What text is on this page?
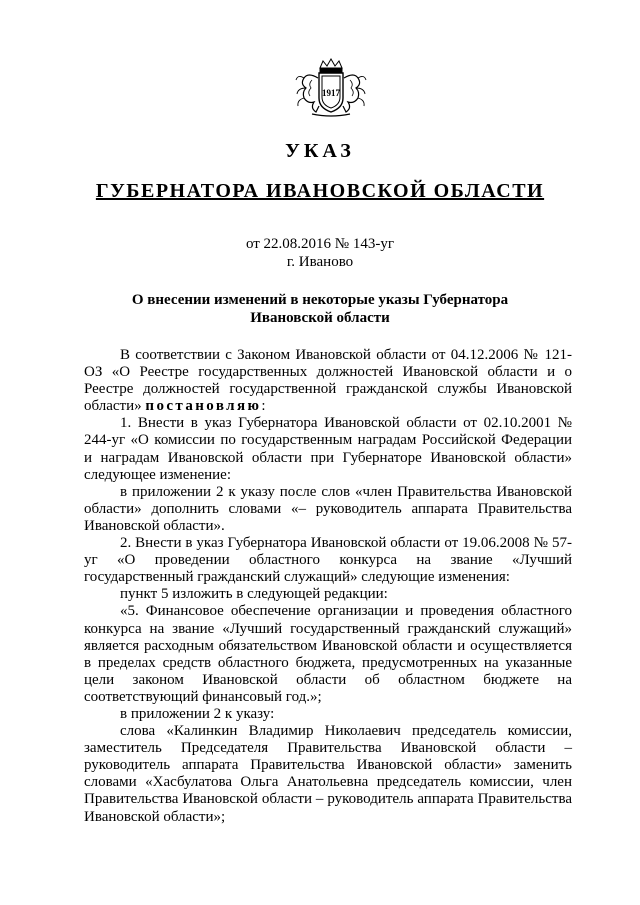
1917
УКАЗ
ГУБЕРНАТОРА ИВАНОВСКОЙ ОБЛАСТИ
от 22.08.2016 № 143-уг
г. Иваново
О внесении изменений в некоторые указы Губернатора
Ивановской области

В соответствии с Законом Ивановской области от 04.12.2006 № 121-ОЗ «О Реестре государственных должностей Ивановской области и о Реестре должностей государственной гражданской службы Ивановской области» постановляю:

1. Внести в указ Губернатора Ивановской области от 02.10.2001 № 244-уг «О комиссии по государственным наградам Российской Федерации и наградам Ивановской области при Губернаторе Ивановской области» следующее изменение:

в приложении 2 к указу после слов «член Правительства Ивановской области» дополнить словами «– руководитель аппарата Правительства Ивановской области».

2. Внести в указ Губернатора Ивановской области от 19.06.2008 № 57-уг «О проведении областного конкурса на звание «Лучший государственный гражданский служащий» следующие изменения:

пункт 5 изложить в следующей редакции:

«5. Финансовое обеспечение организации и проведения областного конкурса на звание «Лучший государственный гражданский служащий» является расходным обязательством Ивановской области и осуществляется в пределах средств областного бюджета, предусмотренных на указанные цели законом Ивановской области об областном бюджете на соответствующий финансовый год.»;

в приложении 2 к указу:

слова «Калинкин Владимир Николаевич председатель комиссии, заместитель Председателя Правительства Ивановской области – руководитель аппарата Правительства Ивановской области» заменить словами «Хасбулатова Ольга Анатольевна председатель комиссии, член Правительства Ивановской области – руководитель аппарата Правительства Ивановской области»;
